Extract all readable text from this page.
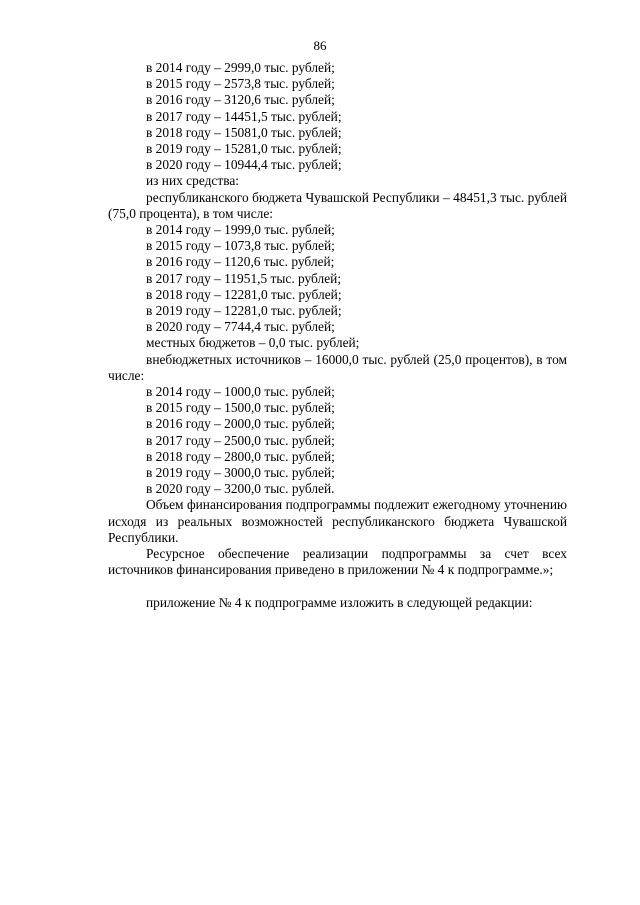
86
в 2014 году – 2999,0 тыс. рублей;
в 2015 году – 2573,8 тыс. рублей;
в 2016 году – 3120,6 тыс. рублей;
в 2017 году – 14451,5 тыс. рублей;
в 2018 году – 15081,0 тыс. рублей;
в 2019 году – 15281,0 тыс. рублей;
в 2020 году – 10944,4 тыс. рублей;
из них средства:
республиканского бюджета Чувашской Республики – 48451,3 тыс. рублей (75,0 процента), в том числе:
в 2014 году – 1999,0 тыс. рублей;
в 2015 году – 1073,8 тыс. рублей;
в 2016 году – 1120,6 тыс. рублей;
в 2017 году – 11951,5 тыс. рублей;
в 2018 году – 12281,0 тыс. рублей;
в 2019 году – 12281,0 тыс. рублей;
в 2020 году – 7744,4 тыс. рублей;
местных бюджетов – 0,0 тыс. рублей;
внебюджетных источников – 16000,0 тыс. рублей (25,0 процентов), в том числе:
в 2014 году – 1000,0 тыс. рублей;
в 2015 году – 1500,0 тыс. рублей;
в 2016 году – 2000,0 тыс. рублей;
в 2017 году – 2500,0 тыс. рублей;
в 2018 году – 2800,0 тыс. рублей;
в 2019 году – 3000,0 тыс. рублей;
в 2020 году – 3200,0 тыс. рублей.
Объем финансирования подпрограммы подлежит ежегодному уточнению исходя из реальных возможностей республиканского бюджета Чувашской Республики.
Ресурсное обеспечение реализации подпрограммы за счет всех источников финансирования приведено в приложении № 4 к подпрограмме.»;
приложение № 4 к подпрограмме изложить в следующей редакции:
